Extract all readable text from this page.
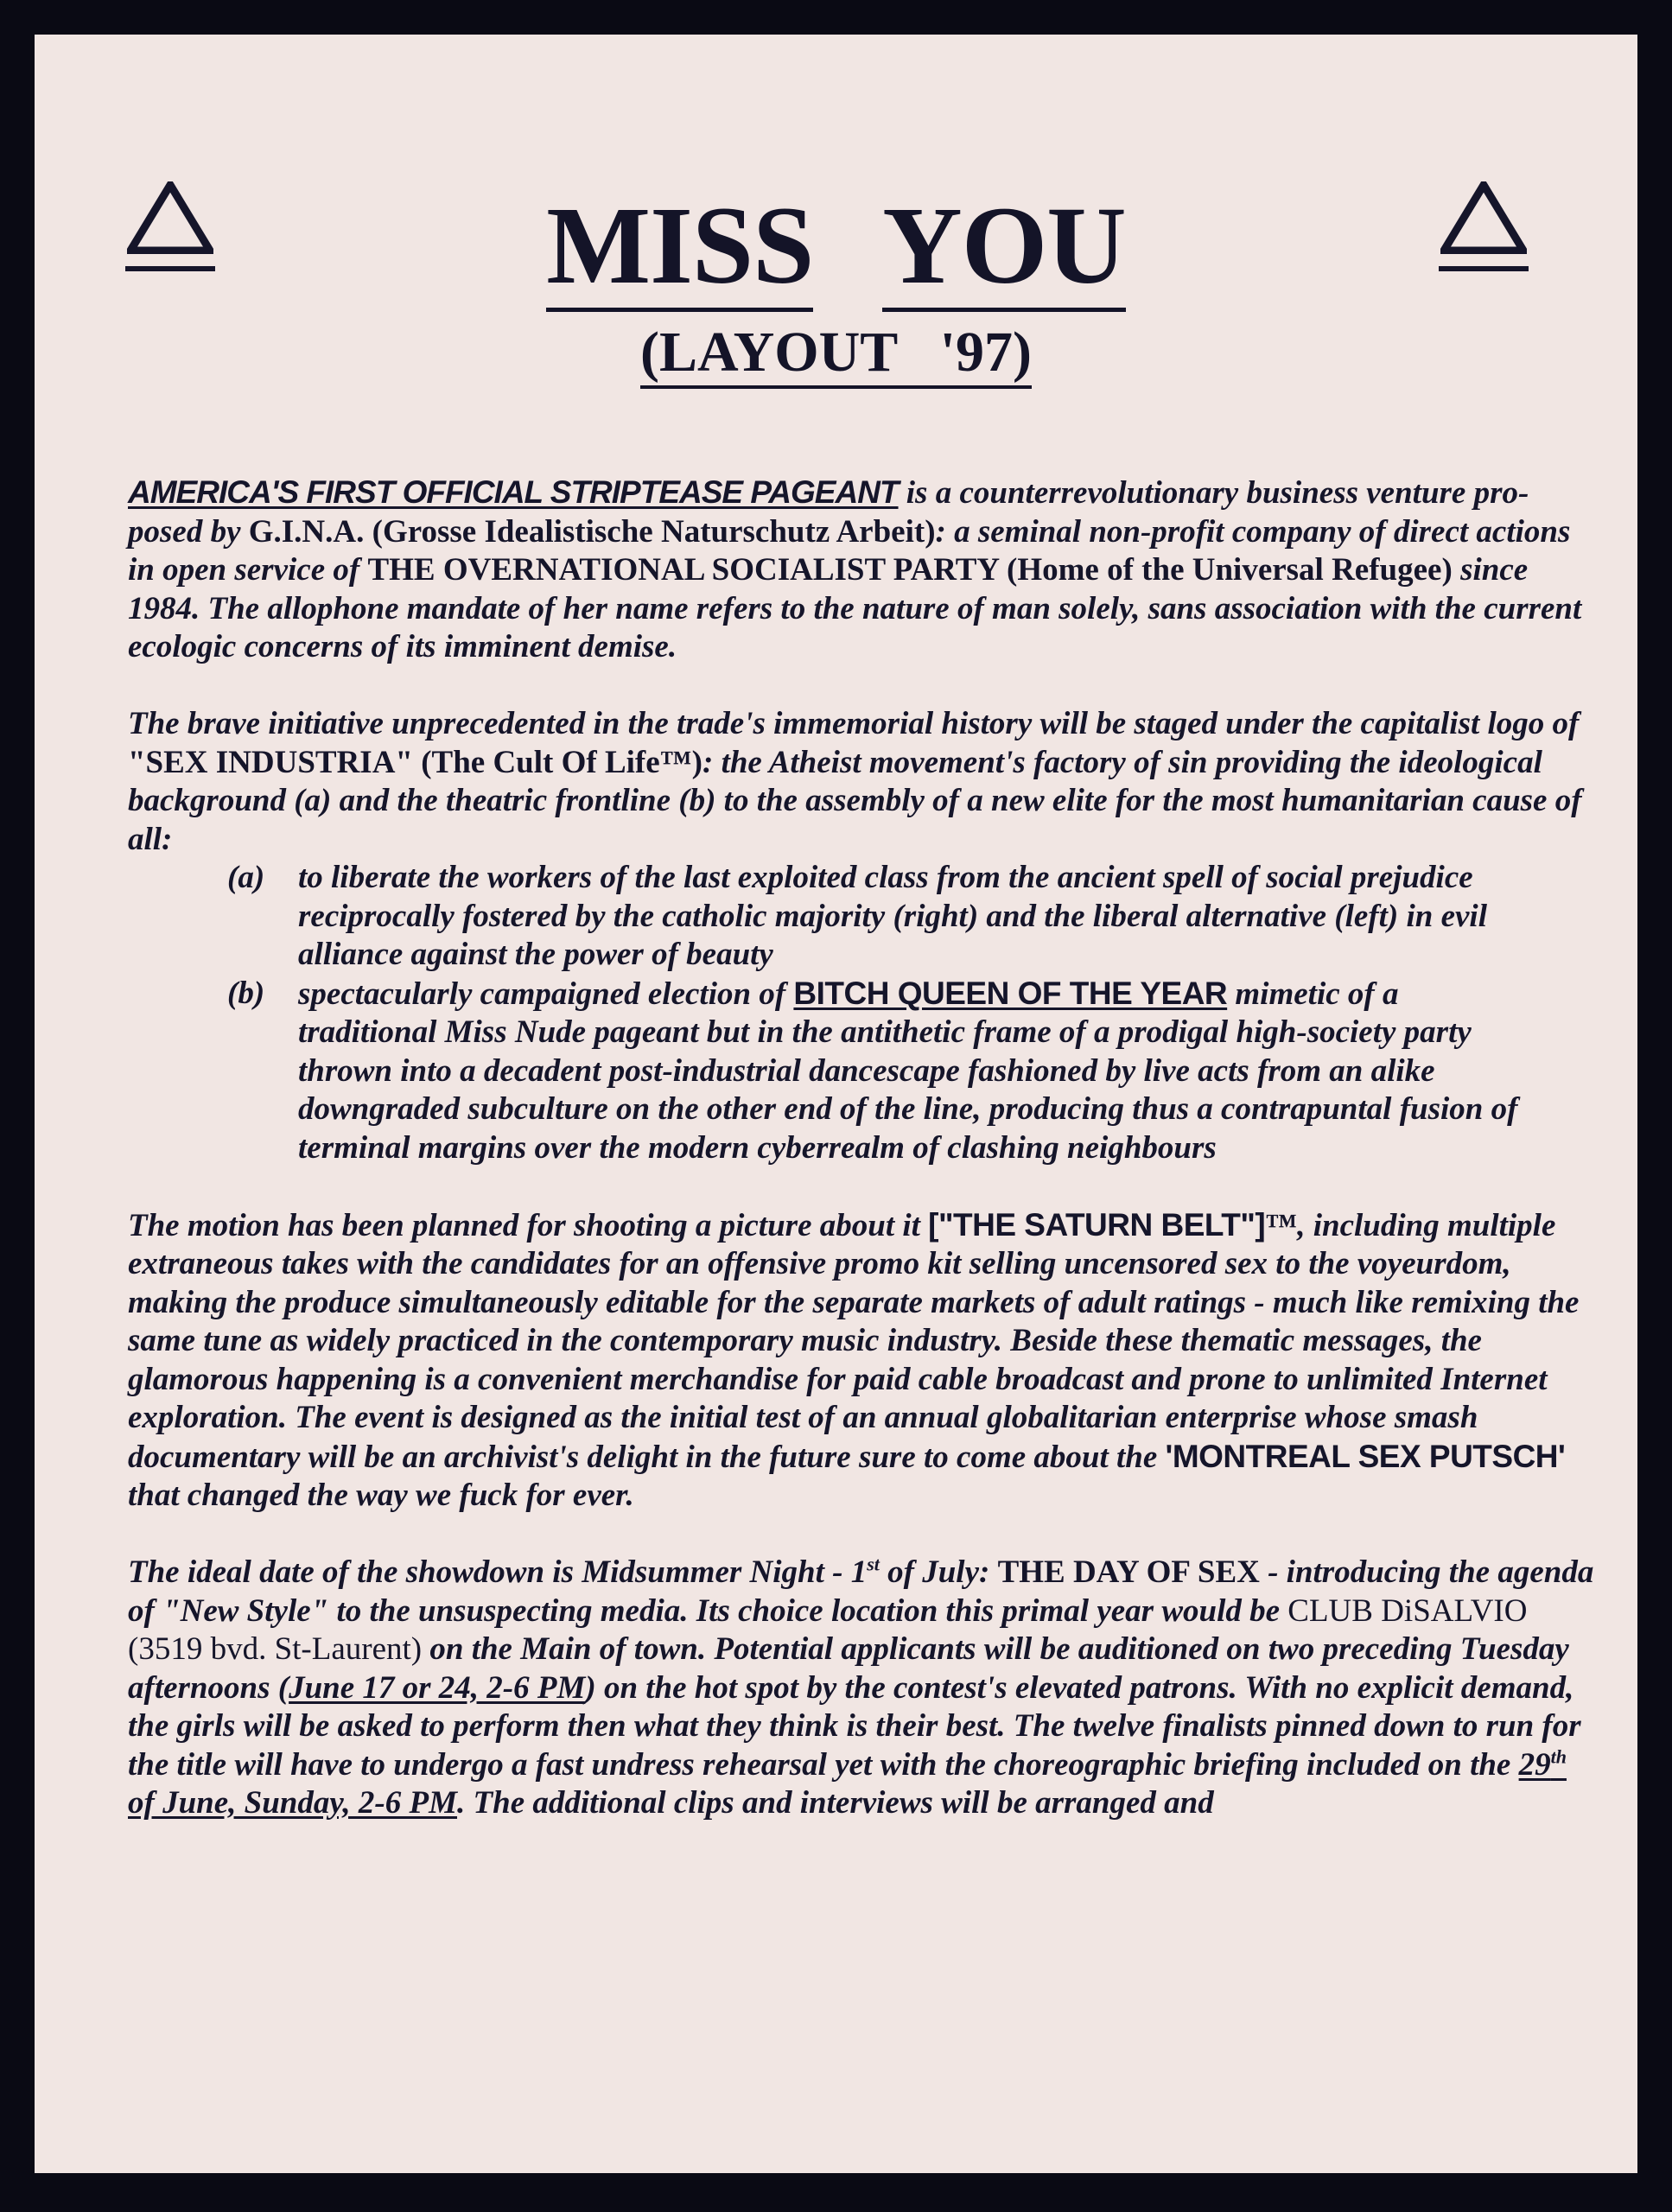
MISS YOU
(LAYOUT   '97)

AMERICA'S FIRST OFFICIAL STRIPTEASE PAGEANT is a counterrevolutionary business venture pro-posed by G.I.N.A. (Grosse Idealistische Naturschutz Arbeit): a seminal non-profit company of direct actions in open service of THE OVERNATIONAL SOCIALIST PARTY (Home of the Universal Refugee) since 1984. The allophone mandate of her name refers to the nature of man solely, sans association with the current ecologic concerns of its imminent demise.

The brave initiative unprecedented in the trade's immemorial history will be staged under the capitalist logo of "SEX INDUSTRIA" (The Cult Of Life™): the Atheist movement's factory of sin providing the ideological background (a) and the theatric frontline (b) to the assembly of a new elite for the most humanitarian cause of all:

(a)	to liberate the workers of the last exploited class from the ancient spell of social prejudice reciprocally fostered by the catholic majority (right) and the liberal alternative (left) in evil alliance against the power of beauty
(b)	spectacularly campaigned election of BITCH QUEEN OF THE YEAR mimetic of a traditional Miss Nude pageant but in the antithetic frame of a prodigal high-society party thrown into a decadent post-industrial dancescape fashioned by live acts from an alike downgraded subculture on the other end of the line, producing thus a contrapuntal fusion of terminal margins over the modern cyberrealm of clashing neighbours

The motion has been planned for shooting a picture about it ["THE SATURN BELT"]™, including multiple extraneous takes with the candidates for an offensive promo kit selling uncensored sex to the voyeurdom, making the produce simultaneously editable for the separate markets of adult ratings - much like remixing the same tune as widely practiced in the contemporary music industry. Beside these thematic messages, the glamorous happening is a convenient merchandise for paid cable broadcast and prone to unlimited Internet exploration. The event is designed as the initial test of an annual globalitarian enterprise whose smash documentary will be an archivist's delight in the future sure to come about the 'MONTREAL SEX PUTSCH' that changed the way we fuck for ever.

The ideal date of the showdown is Midsummer Night - 1st of July: THE DAY OF SEX - introducing the agenda of "New Style" to the unsuspecting media. Its choice location this primal year would be CLUB DiSALVIO (3519 bvd. St-Laurent) on the Main of town. Potential applicants will be auditioned on two preceding Tuesday afternoons (June 17 or 24, 2-6 PM) on the hot spot by the contest's elevated patrons. With no explicit demand, the girls will be asked to perform then what they think is their best. The twelve finalists pinned down to run for the title will have to undergo a fast undress rehearsal yet with the choreographic briefing included on the 29th of June, Sunday, 2-6 PM. The additional clips and interviews will be arranged and
